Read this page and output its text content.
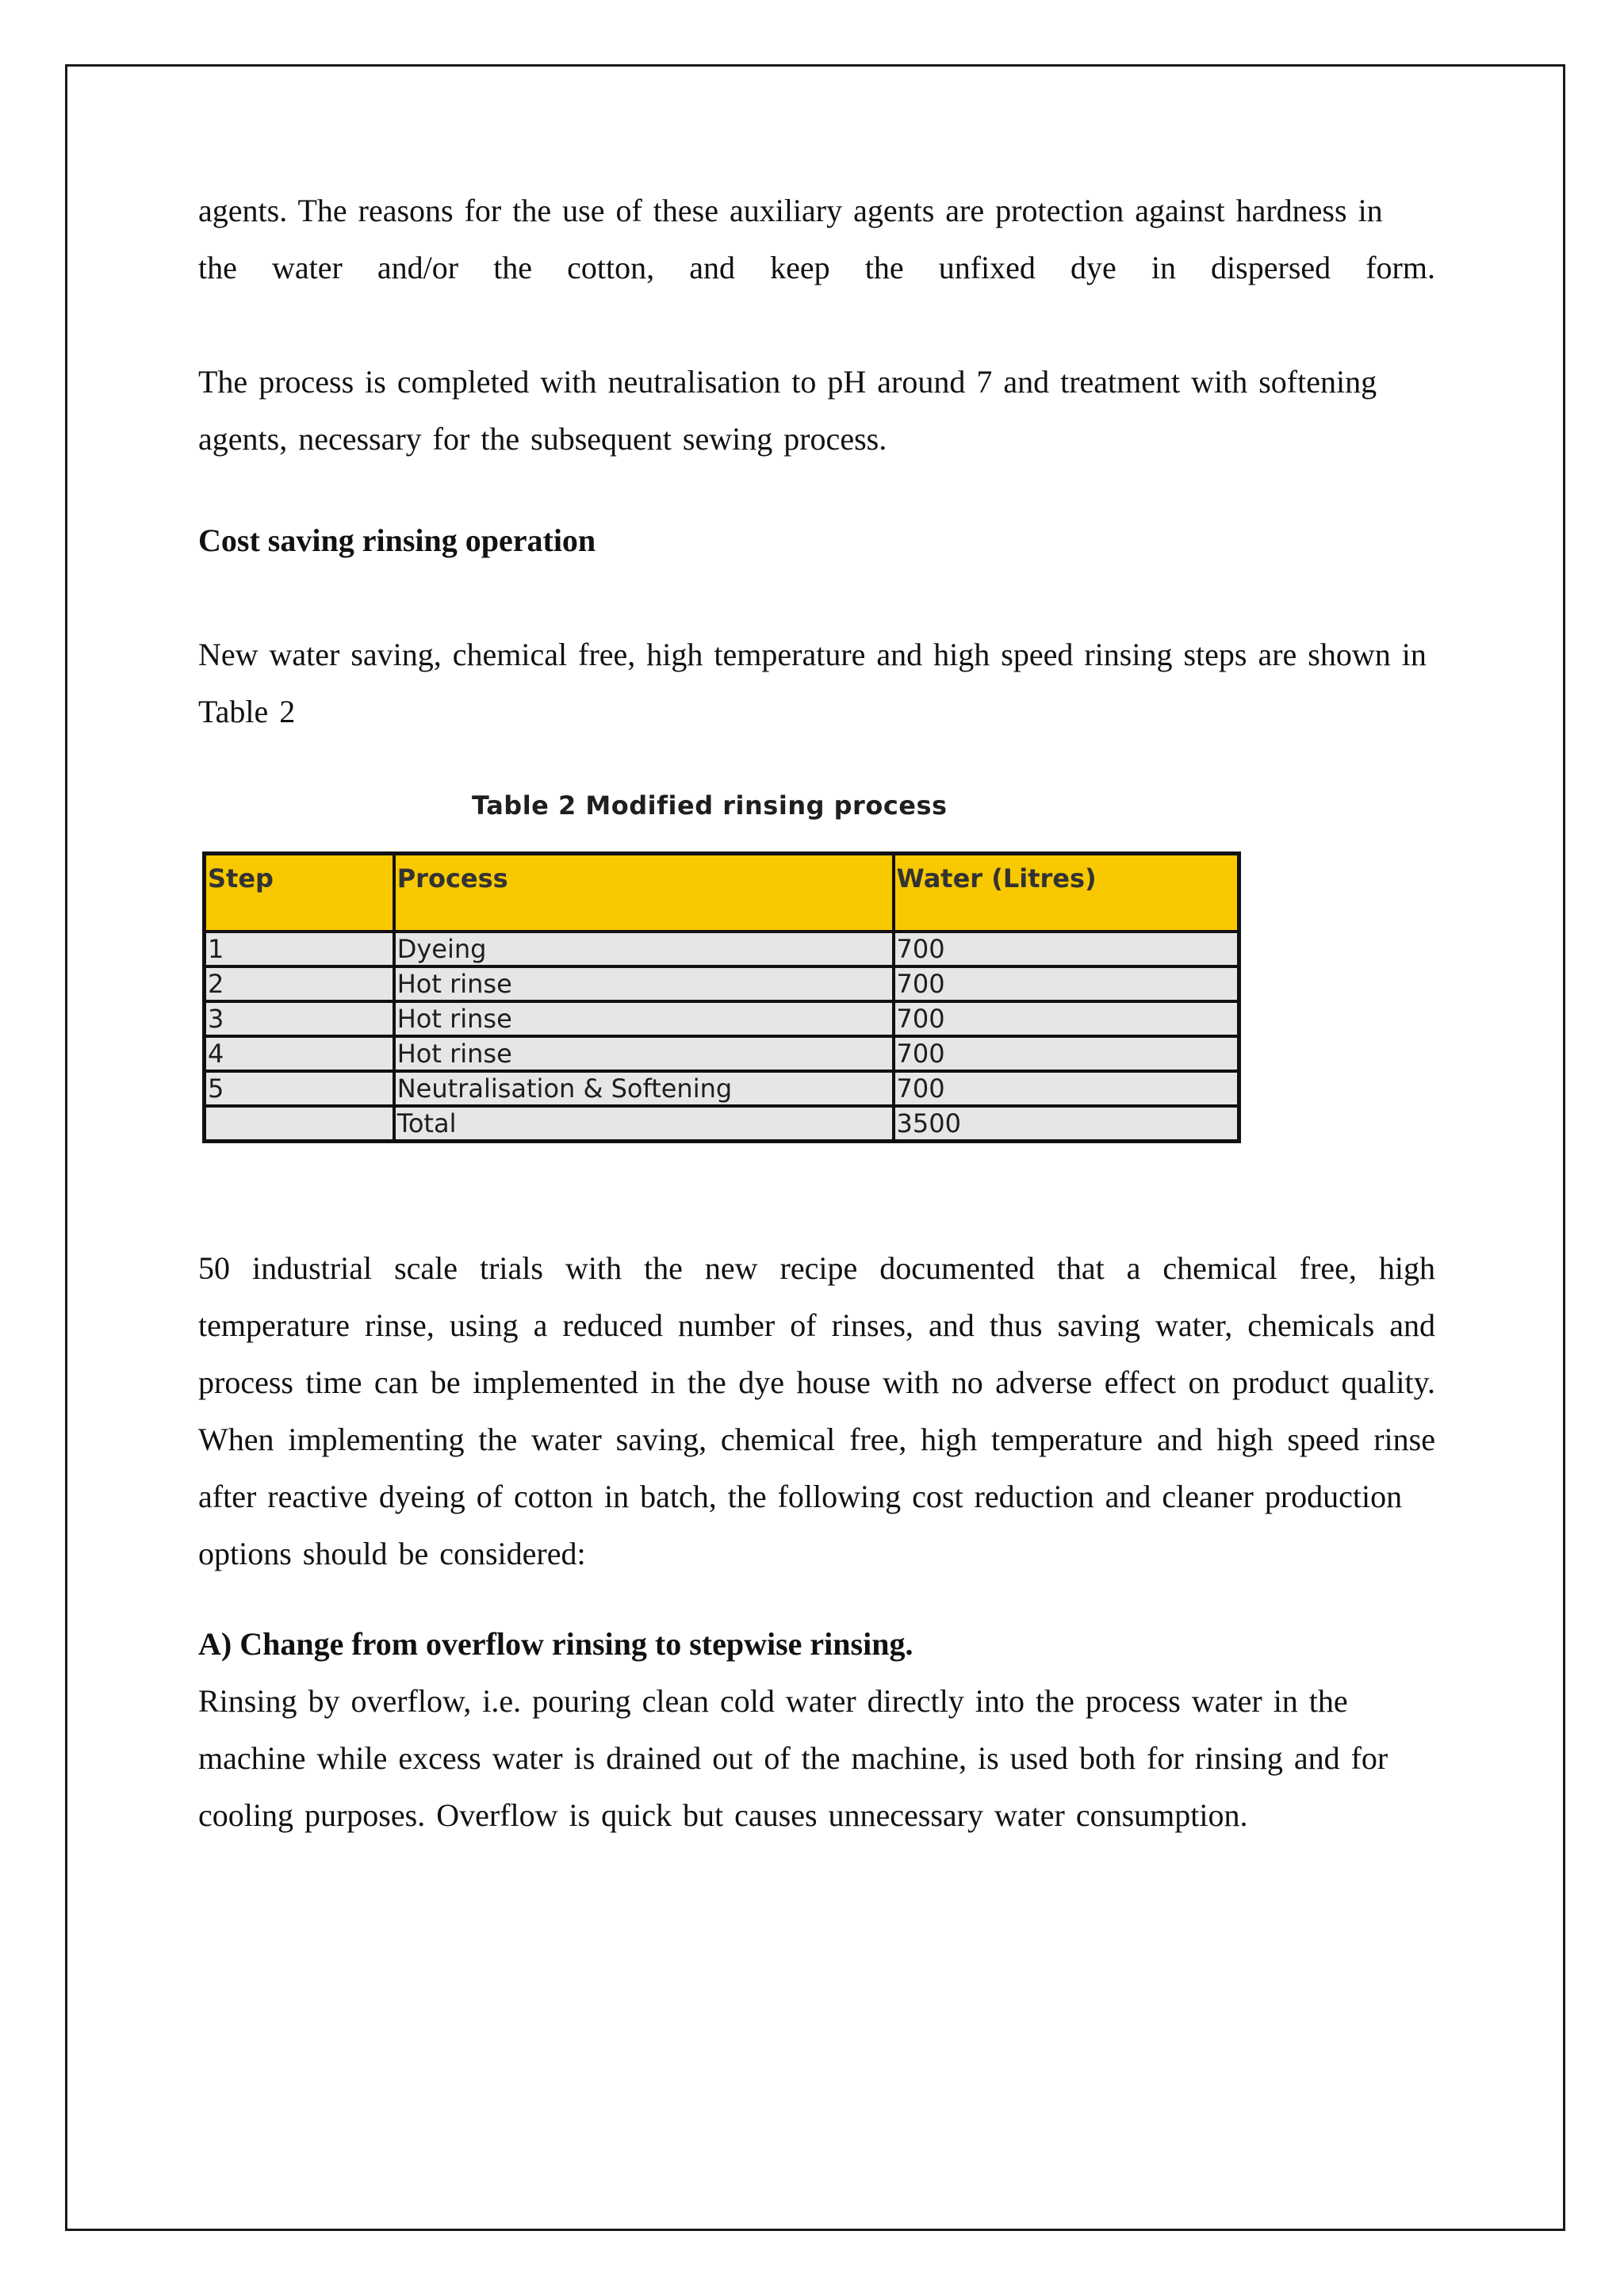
agents. The reasons for the use of these auxiliary agents are protection against hardness in
the water and/or the cotton, and keep the unfixed dye in dispersed form.

The process is completed with neutralisation to pH around 7 and treatment with softening
agents, necessary for the subsequent sewing process.

Cost saving rinsing operation

New water saving, chemical free, high temperature and high speed rinsing steps are shown in
Table 2

50 industrial scale trials with the new recipe documented that a chemical free, high temperature rinse, using a reduced number of rinses, and thus saving water, chemicals and process time can be implemented in the dye house with no adverse effect on product quality. When implementing the water saving, chemical free, high temperature and high speed rinse after reactive dyeing of cotton in batch, the following cost reduction and cleaner production
options should be considered:

A) Change from overflow rinsing to stepwise rinsing.

Rinsing by overflow, i.e. pouring clean cold water directly into the process water in the
machine while excess water is drained out of the machine, is used both for rinsing and for
cooling purposes. Overflow is quick but causes unnecessary water consumption.

Table 2 Modified rinsing process
Step	Process	Water (Litres)
1	Dyeing	700
2	Hot rinse	700
3	Hot rinse	700
4	Hot rinse	700
5	Neutralisation & Softening	700
	Total	3500
